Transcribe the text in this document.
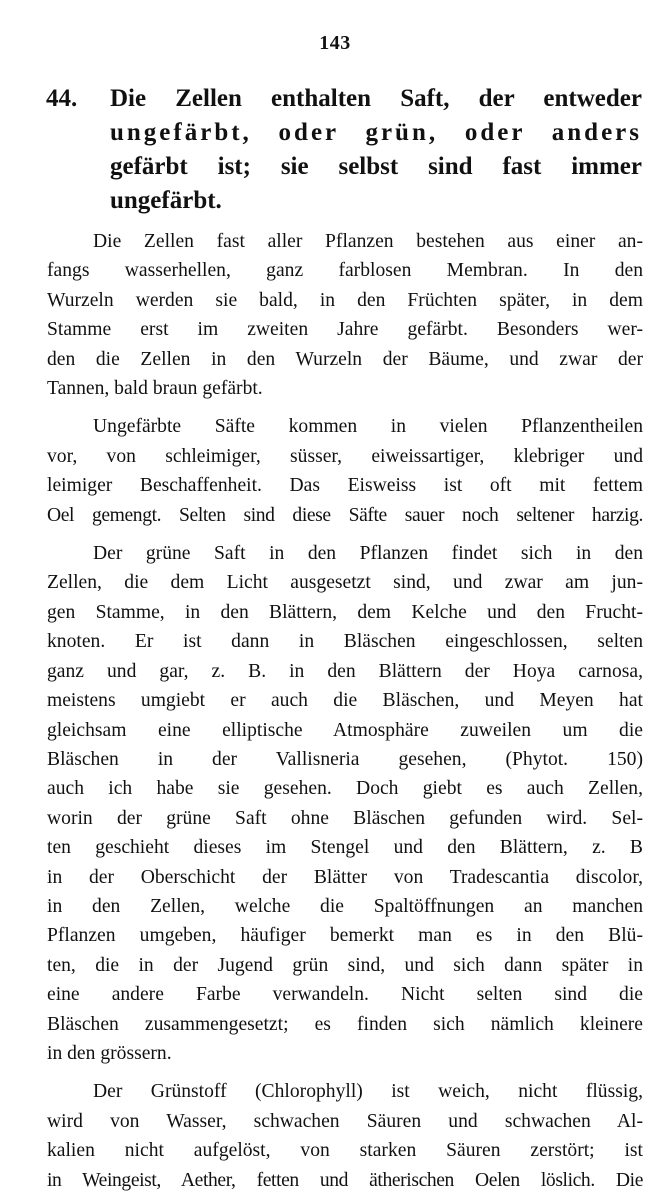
143
44. Die Zellen enthalten Saft, der entweder
ungefärbt, oder grün, oder anders
gefärbt ist; sie selbst sind fast immer
ungefärbt.
Die Zellen fast aller Pflanzen bestehen aus einer an-
fangs wasserhellen, ganz farblosen Membran. In den
Wurzeln werden sie bald, in den Früchten später, in dem
Stamme erst im zweiten Jahre gefärbt. Besonders wer-
den die Zellen in den Wurzeln der Bäume, und zwar der
Tannen, bald braun gefärbt.
Ungefärbte Säfte kommen in vielen Pflanzentheilen
vor, von schleimiger, süsser, eiweissartiger, klebriger und
leimiger Beschaffenheit. Das Eisweiss ist oft mit fettem
Oel gemengt. Selten sind diese Säfte sauer noch seltener harzig.
Der grüne Saft in den Pflanzen findet sich in den
Zellen, die dem Licht ausgesetzt sind, und zwar am jun-
gen Stamme, in den Blättern, dem Kelche und den Frucht-
knoten. Er ist dann in Bläschen eingeschlossen, selten
ganz und gar, z. B. in den Blättern der Hoya carnosa,
meistens umgiebt er auch die Bläschen, und Meyen hat
gleichsam eine elliptische Atmosphäre zuweilen um die
Bläschen in der Vallisneria gesehen, (Phytot. 150)
auch ich habe sie gesehen. Doch giebt es auch Zellen,
worin der grüne Saft ohne Bläschen gefunden wird. Sel-
ten geschieht dieses im Stengel und den Blättern, z. B
in der Oberschicht der Blätter von Tradescantia discolor,
in den Zellen, welche die Spaltöffnungen an manchen
Pflanzen umgeben, häufiger bemerkt man es in den Blü-
ten, die in der Jugend grün sind, und sich dann später in
eine andere Farbe verwandeln. Nicht selten sind die
Bläschen zusammengesetzt; es finden sich nämlich kleinere
in den grössern.
Der Grünstoff (Chlorophyll) ist weich, nicht flüssig,
wird von Wasser, schwachen Säuren und schwachen Al-
kalien nicht aufgelöst, von starken Säuren zerstört; ist
in Weingeist, Aether, fetten und ätherischen Oelen löslich. Die
